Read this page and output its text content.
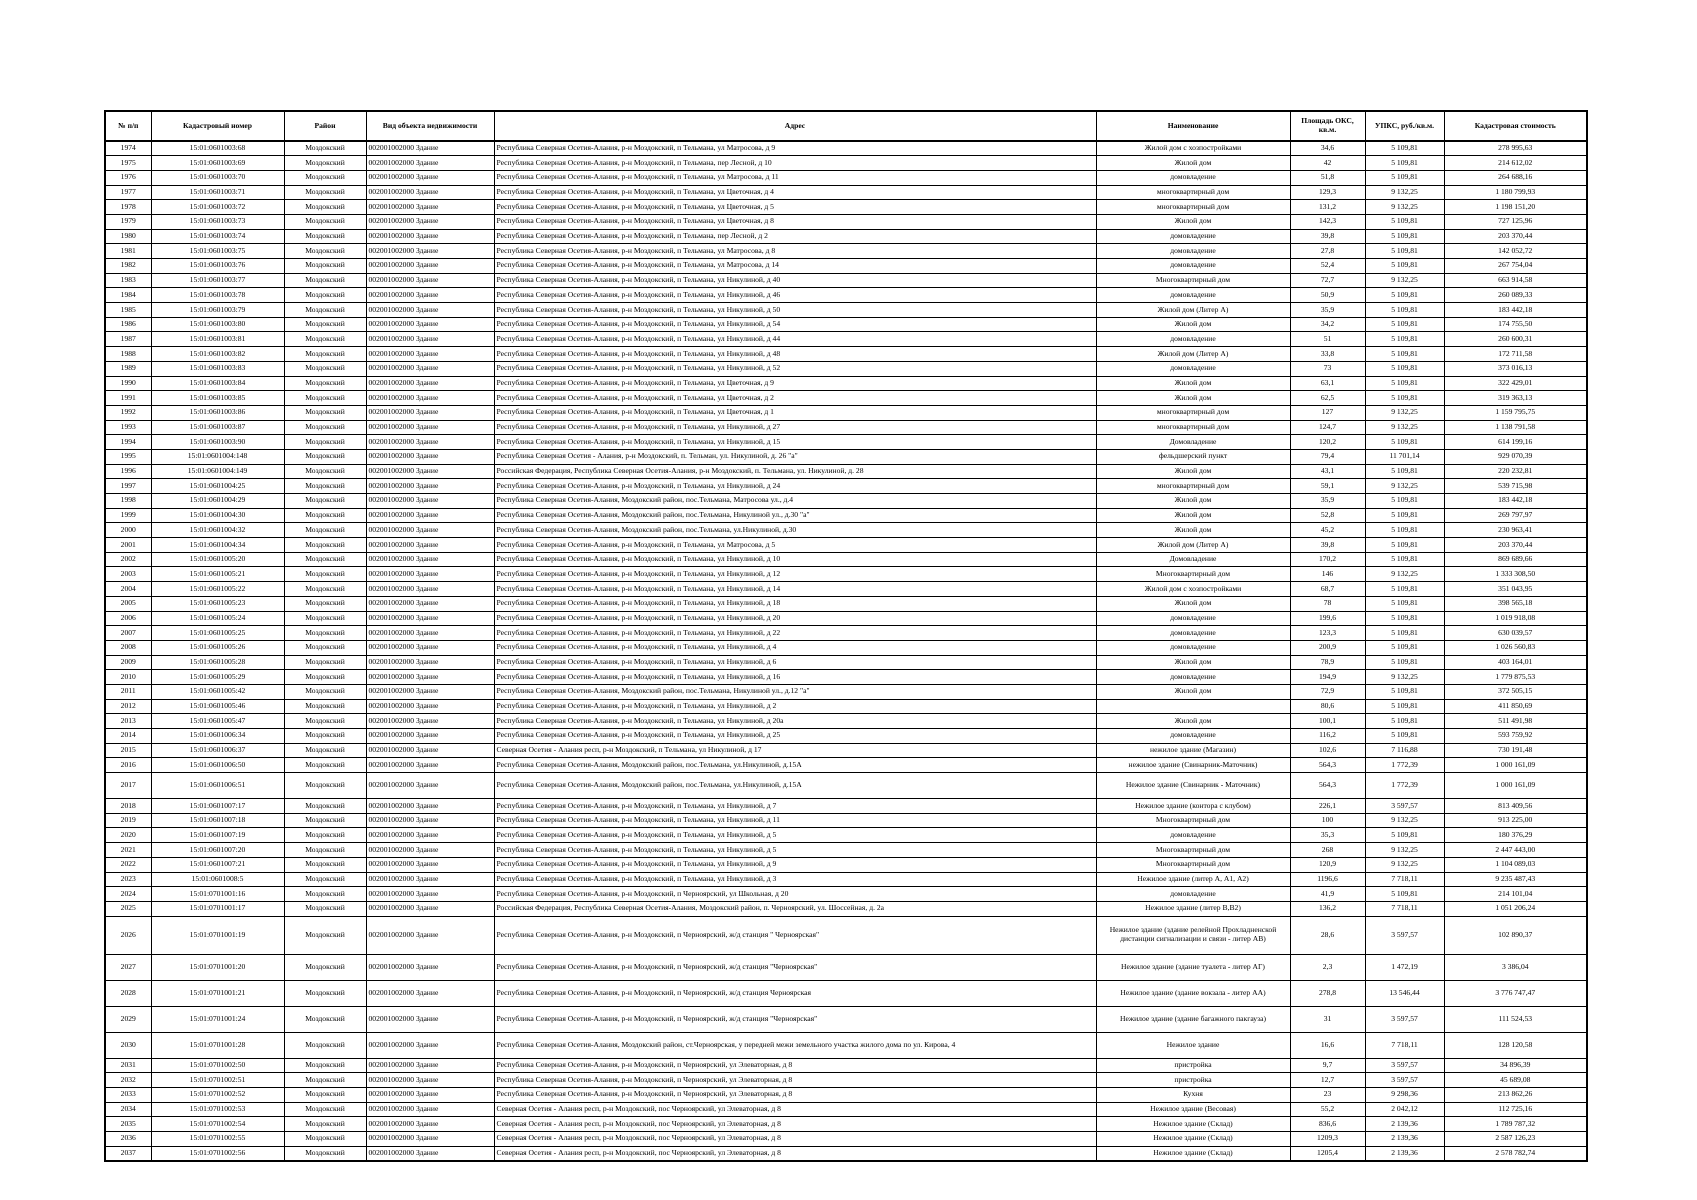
№ п/п	Кадастровый номер	Район	Вид объекта недвижимости	Адрес	Наименование	Площадь ОКС, кв.м.	УПКС, руб./кв.м.	Кадастровая стоимость
1974	15:01:0601003:68	Моздокский	002001002000 Здание	Республика Северная Осетия-Алания, р-н Моздокский, п Тельмана, ул Матросова, д 9	Жилой дом с хозпостройками	34,6	5 109,81	278 995,63
1975	15:01:0601003:69	Моздокский	002001002000 Здание	Республика Северная Осетия-Алания, р-н Моздокский, п Тельмана, пер Лесной, д 10	Жилой дом	42	5 109,81	214 612,02
1976	15:01:0601003:70	Моздокский	002001002000 Здание	Республика Северная Осетия-Алания, р-н Моздокский, п Тельмана, ул Матросова, д 11	домовладение	51,8	5 109,81	264 688,16
1977	15:01:0601003:71	Моздокский	002001002000 Здание	Республика Северная Осетия-Алания, р-н Моздокский, п Тельмана, ул Цветочная, д 4	многоквартирный дом	129,3	9 132,25	1 180 799,93
1978	15:01:0601003:72	Моздокский	002001002000 Здание	Республика Северная Осетия-Алания, р-н Моздокский, п Тельмана, ул Цветочная, д 5	многоквартирный дом	131,2	9 132,25	1 198 151,20
1979	15:01:0601003:73	Моздокский	002001002000 Здание	Республика Северная Осетия-Алания, р-н Моздокский, п Тельмана, ул Цветочная, д 8	Жилой дом	142,3	5 109,81	727 125,96
1980	15:01:0601003:74	Моздокский	002001002000 Здание	Республика Северная Осетия-Алания, р-н Моздокский, п Тельмана, пер Лесной, д 2	домовладение	39,8	5 109,81	203 370,44
1981	15:01:0601003:75	Моздокский	002001002000 Здание	Республика Северная Осетия-Алания, р-н Моздокский, п Тельмана, ул Матросова, д 8	домовладение	27,8	5 109,81	142 052,72
1982	15:01:0601003:76	Моздокский	002001002000 Здание	Республика Северная Осетия-Алания, р-н Моздокский, п Тельмана, ул Матросова, д 14	домовладение	52,4	5 109,81	267 754,04
1983	15:01:0601003:77	Моздокский	002001002000 Здание	Республика Северная Осетия-Алания, р-н Моздокский, п Тельмана, ул Никулиной, д 40	Многоквартирный дом	72,7	9 132,25	663 914,58
1984	15:01:0601003:78	Моздокский	002001002000 Здание	Республика Северная Осетия-Алания, р-н Моздокский, п Тельмана, ул Никулиной, д 46	домовладение	50,9	5 109,81	260 089,33
1985	15:01:0601003:79	Моздокский	002001002000 Здание	Республика Северная Осетия-Алания, р-н Моздокский, п Тельмана, ул Никулиной, д 50	Жилой дом (Литер А)	35,9	5 109,81	183 442,18
1986	15:01:0601003:80	Моздокский	002001002000 Здание	Республика Северная Осетия-Алания, р-н Моздокский, п Тельмана, ул Никулиной, д 54	Жилой дом	34,2	5 109,81	174 755,50
1987	15:01:0601003:81	Моздокский	002001002000 Здание	Республика Северная Осетия-Алания, р-н Моздокский, п Тельмана, ул Никулиной, д 44	домовладение	51	5 109,81	260 600,31
1988	15:01:0601003:82	Моздокский	002001002000 Здание	Республика Северная Осетия-Алания, р-н Моздокский, п Тельмана, ул Никулиной, д 48	Жилой дом (Литер А)	33,8	5 109,81	172 711,58
1989	15:01:0601003:83	Моздокский	002001002000 Здание	Республика Северная Осетия-Алания, р-н Моздокский, п Тельмана, ул Никулиной, д 52	домовладение	73	5 109,81	373 016,13
1990	15:01:0601003:84	Моздокский	002001002000 Здание	Республика Северная Осетия-Алания, р-н Моздокский, п Тельмана, ул Цветочная, д 9	Жилой дом	63,1	5 109,81	322 429,01
1991	15:01:0601003:85	Моздокский	002001002000 Здание	Республика Северная Осетия-Алания, р-н Моздокский, п Тельмана, ул Цветочная, д 2	Жилой дом	62,5	5 109,81	319 363,13
1992	15:01:0601003:86	Моздокский	002001002000 Здание	Республика Северная Осетия-Алания, р-н Моздокский, п Тельмана, ул Цветочная, д 1	многоквартирный дом	127	9 132,25	1 159 795,75
1993	15:01:0601003:87	Моздокский	002001002000 Здание	Республика Северная Осетия-Алания, р-н Моздокский, п Тельмана, ул Никулиной, д 27	многоквартирный дом	124,7	9 132,25	1 138 791,58
1994	15:01:0601003:90	Моздокский	002001002000 Здание	Республика Северная Осетия-Алания, р-н Моздокский, п Тельмана, ул Никулиной, д 15	Домовладение	120,2	5 109,81	614 199,16
1995	15:01:0601004:148	Моздокский	002001002000 Здание	Республика Северная Осетия - Алания, р-н Моздокский, п. Тельман, ул. Никулиной, д. 26 "а"	фельдшерский пункт	79,4	11 701,14	929 070,39
1996	15:01:0601004:149	Моздокский	002001002000 Здание	Российская Федерация, Республика Северная Осетия-Алания, р-н Моздокский, п. Тельмана, ул. Никулиной, д. 28	Жилой дом	43,1	5 109,81	220 232,81
1997	15:01:0601004:25	Моздокский	002001002000 Здание	Республика Северная Осетия-Алания, р-н Моздокский, п Тельмана, ул Никулиной, д 24	многоквартирный дом	59,1	9 132,25	539 715,98
1998	15:01:0601004:29	Моздокский	002001002000 Здание	Республика Северная Осетия-Алания, Моздокский район, пос.Тельмана, Матросова ул., д.4	Жилой дом	35,9	5 109,81	183 442,18
1999	15:01:0601004:30	Моздокский	002001002000 Здание	Республика Северная Осетия-Алания, Моздокский район, пос.Тельмана, Никулиной ул., д.30 "а"	Жилой дом	52,8	5 109,81	269 797,97
2000	15:01:0601004:32	Моздокский	002001002000 Здание	Республика Северная Осетия-Алания, Моздокский район, пос.Тельмана, ул.Никулиной, д.30	Жилой дом	45,2	5 109,81	230 963,41
2001	15:01:0601004:34	Моздокский	002001002000 Здание	Республика Северная Осетия-Алания, р-н Моздокский, п Тельмана, ул Матросова, д 5	Жилой дом (Литер А)	39,8	5 109,81	203 370,44
2002	15:01:0601005:20	Моздокский	002001002000 Здание	Республика Северная Осетия-Алания, р-н Моздокский, п Тельмана, ул Никулиной, д 10	Домовладение	170,2	5 109,81	869 689,66
2003	15:01:0601005:21	Моздокский	002001002000 Здание	Республика Северная Осетия-Алания, р-н Моздокский, п Тельмана, ул Никулиной, д 12	Многоквартирный дом	146	9 132,25	1 333 308,50
2004	15:01:0601005:22	Моздокский	002001002000 Здание	Республика Северная Осетия-Алания, р-н Моздокский, п Тельмана, ул Никулиной, д 14	Жилой дом с хозпостройками	68,7	5 109,81	351 043,95
2005	15:01:0601005:23	Моздокский	002001002000 Здание	Республика Северная Осетия-Алания, р-н Моздокский, п Тельмана, ул Никулиной, д 18	Жилой дом	78	5 109,81	398 565,18
2006	15:01:0601005:24	Моздокский	002001002000 Здание	Республика Северная Осетия-Алания, р-н Моздокский, п Тельмана, ул Никулиной, д 20	домовладение	199,6	5 109,81	1 019 918,08
2007	15:01:0601005:25	Моздокский	002001002000 Здание	Республика Северная Осетия-Алания, р-н Моздокский, п Тельмана, ул Никулиной, д 22	домовладение	123,3	5 109,81	630 039,57
2008	15:01:0601005:26	Моздокский	002001002000 Здание	Республика Северная Осетия-Алания, р-н Моздокский, п Тельмана, ул Никулиной, д 4	домовладение	200,9	5 109,81	1 026 560,83
2009	15:01:0601005:28	Моздокский	002001002000 Здание	Республика Северная Осетия-Алания, р-н Моздокский, п Тельмана, ул Никулиной, д 6	Жилой дом	78,9	5 109,81	403 164,01
2010	15:01:0601005:29	Моздокский	002001002000 Здание	Республика Северная Осетия-Алания, р-н Моздокский, п Тельмана, ул Никулиной, д 16	домовладение	194,9	9 132,25	1 779 875,53
2011	15:01:0601005:42	Моздокский	002001002000 Здание	Республика Северная Осетия-Алания, Моздокский район, пос.Тельмана, Никулиной ул., д.12 "а"	Жилой дом	72,9	5 109,81	372 505,15
2012	15:01:0601005:46	Моздокский	002001002000 Здание	Республика Северная Осетия-Алания, р-н Моздокский, п Тельмана, ул Никулиной, д 2		80,6	5 109,81	411 850,69
2013	15:01:0601005:47	Моздокский	002001002000 Здание	Республика Северная Осетия-Алания, р-н Моздокский, п Тельмана, ул Никулиной, д 20а	Жилой дом	100,1	5 109,81	511 491,98
2014	15:01:0601006:34	Моздокский	002001002000 Здание	Республика Северная Осетия-Алания, р-н Моздокский, п Тельмана, ул Никулиной, д 25	домовладение	116,2	5 109,81	593 759,92
2015	15:01:0601006:37	Моздокский	002001002000 Здание	Северная Осетия - Алания респ, р-н Моздокский, п Тельмана, ул Никулиной, д 17	нежилое здание (Магазин)	102,6	7 116,88	730 191,48
2016	15:01:0601006:50	Моздокский	002001002000 Здание	Республика Северная Осетия-Алания, Моздокский район, пос.Тельмана, ул.Никулиной, д.15А	нежилое здание (Свинарник-Маточник)	564,3	1 772,39	1 000 161,09
2017	15:01:0601006:51	Моздокский	002001002000 Здание	Республика Северная Осетия-Алания, Моздокский район, пос.Тельмана, ул.Никулиной, д.15А	Нежилое здание (Свинарник - Маточник)	564,3	1 772,39	1 000 161,09
2018	15:01:0601007:17	Моздокский	002001002000 Здание	Республика Северная Осетия-Алания, р-н Моздокский, п Тельмана, ул Никулиной, д 7	Нежилое здание (контора с клубом)	226,1	3 597,57	813 409,56
2019	15:01:0601007:18	Моздокский	002001002000 Здание	Республика Северная Осетия-Алания, р-н Моздокский, п Тельмана, ул Никулиной, д 11	Многоквартирный дом	100	9 132,25	913 225,00
2020	15:01:0601007:19	Моздокский	002001002000 Здание	Республика Северная Осетия-Алания, р-н Моздокский, п Тельмана, ул Никулиной, д 5	домовладение	35,3	5 109,81	180 376,29
2021	15:01:0601007:20	Моздокский	002001002000 Здание	Республика Северная Осетия-Алания, р-н Моздокский, п Тельмана, ул Никулиной, д 5	Многоквартирный дом	268	9 132,25	2 447 443,00
2022	15:01:0601007:21	Моздокский	002001002000 Здание	Республика Северная Осетия-Алания, р-н Моздокский, п Тельмана, ул Никулиной, д 9	Многоквартирный дом	120,9	9 132,25	1 104 089,03
2023	15:01:0601008:5	Моздокский	002001002000 Здание	Республика Северная Осетия-Алания, р-н Моздокский, п Тельмана, ул Никулиной, д 3	Нежилое здание (литер А, А1, А2)	1196,6	7 718,11	9 235 487,43
2024	15:01:0701001:16	Моздокский	002001002000 Здание	Республика Северная Осетия-Алания, р-н Моздокский, п Черноярский, ул Школьная, д 20	домовладение	41,9	5 109,81	214 101,04
2025	15:01:0701001:17	Моздокский	002001002000 Здание	Российская Федерация, Республика Северная Осетия-Алания, Моздокский район, п. Черноярский, ул. Шоссейная, д. 2а	Нежилое здание (литер В,В2)	136,2	7 718,11	1 051 206,24
2026	15:01:0701001:19	Моздокский	002001002000 Здание	Республика Северная Осетия-Алания, р-н Моздокский, п Черноярский, ж/д станция " Черноярская"	Нежилое здание (здание релейной Прохладненской дистанции сигнализации и связи - литер АВ)	28,6	3 597,57	102 890,37
2027	15:01:0701001:20	Моздокский	002001002000 Здание	Республика Северная Осетия-Алания, р-н Моздокский, п Черноярский, ж/д станция "Черноярская"	Нежилое здание (здание туалета - литер АГ)	2,3	1 472,19	3 386,04
2028	15:01:0701001:21	Моздокский	002001002000 Здание	Республика Северная Осетия-Алания, р-н Моздокский, п Черноярский, ж/д станция Черноярская	Нежилое здание (здание вокзала - литер АА)	278,8	13 546,44	3 776 747,47
2029	15:01:0701001:24	Моздокский	002001002000 Здание	Республика Северная Осетия-Алания, р-н Моздокский, п Черноярский, ж/д станция "Черноярская"	Нежилое здание (здание багажного пакгауза)	31	3 597,57	111 524,53
2030	15:01:0701001:28	Моздокский	002001002000 Здание	Республика Северная Осетия-Алания, Моздокский район, ст.Черноярская, у передней межи земельного участка жилого дома по ул. Кирова, 4	Нежилое здание	16,6	7 718,11	128 120,58
2031	15:01:0701002:50	Моздокский	002001002000 Здание	Республика Северная Осетия-Алания, р-н Моздокский, п Черноярский, ул Элеваторная, д 8	пристройка	9,7	3 597,57	34 896,39
2032	15:01:0701002:51	Моздокский	002001002000 Здание	Республика Северная Осетия-Алания, р-н Моздокский, п Черноярский, ул Элеваторная, д 8	пристройка	12,7	3 597,57	45 689,08
2033	15:01:0701002:52	Моздокский	002001002000 Здание	Республика Северная Осетия-Алания, р-н Моздокский, п Черноярский, ул Элеваторная, д 8	Кухня	23	9 298,36	213 862,26
2034	15:01:0701002:53	Моздокский	002001002000 Здание	Северная Осетия - Алания респ, р-н Моздокский, пос Черноярский, ул Элеваторная, д 8	Нежилое здание (Весовая)	55,2	2 042,12	112 725,16
2035	15:01:0701002:54	Моздокский	002001002000 Здание	Северная Осетия - Алания респ, р-н Моздокский, пос Черноярский, ул Элеваторная, д 8	Нежилое здание (Склад)	836,6	2 139,36	1 789 787,32
2036	15:01:0701002:55	Моздокский	002001002000 Здание	Северная Осетия - Алания респ, р-н Моздокский, пос Черноярский, ул Элеваторная, д 8	Нежилое здание (Склад)	1209,3	2 139,36	2 587 126,23
2037	15:01:0701002:56	Моздокский	002001002000 Здание	Северная Осетия - Алания респ, р-н Моздокский, пос Черноярский, ул Элеваторная, д 8	Нежилое здание (Склад)	1205,4	2 139,36	2 578 782,74
